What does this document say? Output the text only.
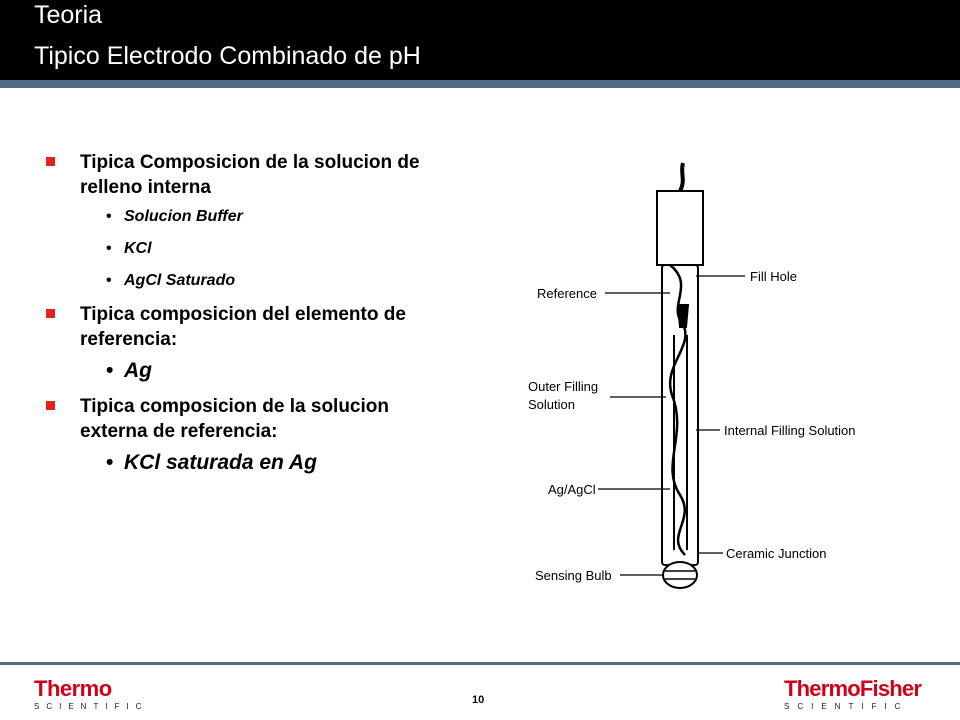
Teoria
Tipico Electrodo Combinado de pH
Tipica Composicion de la solucion de relleno interna
• Solucion Buffer
• KCl
• AgCl Saturado
Tipica composicion del elemento de referencia:
• Ag
Tipica composicion de la solucion externa de referencia:
• KCl saturada en Ag
Reference
Outer Filling Solution
Ag/AgCl
Sensing Bulb
Fill Hole
Internal Filling Solution
Ceramic Junction
Thermo
SCIENTIFIC
10	ThermoFisher
SCIENTIFIC
